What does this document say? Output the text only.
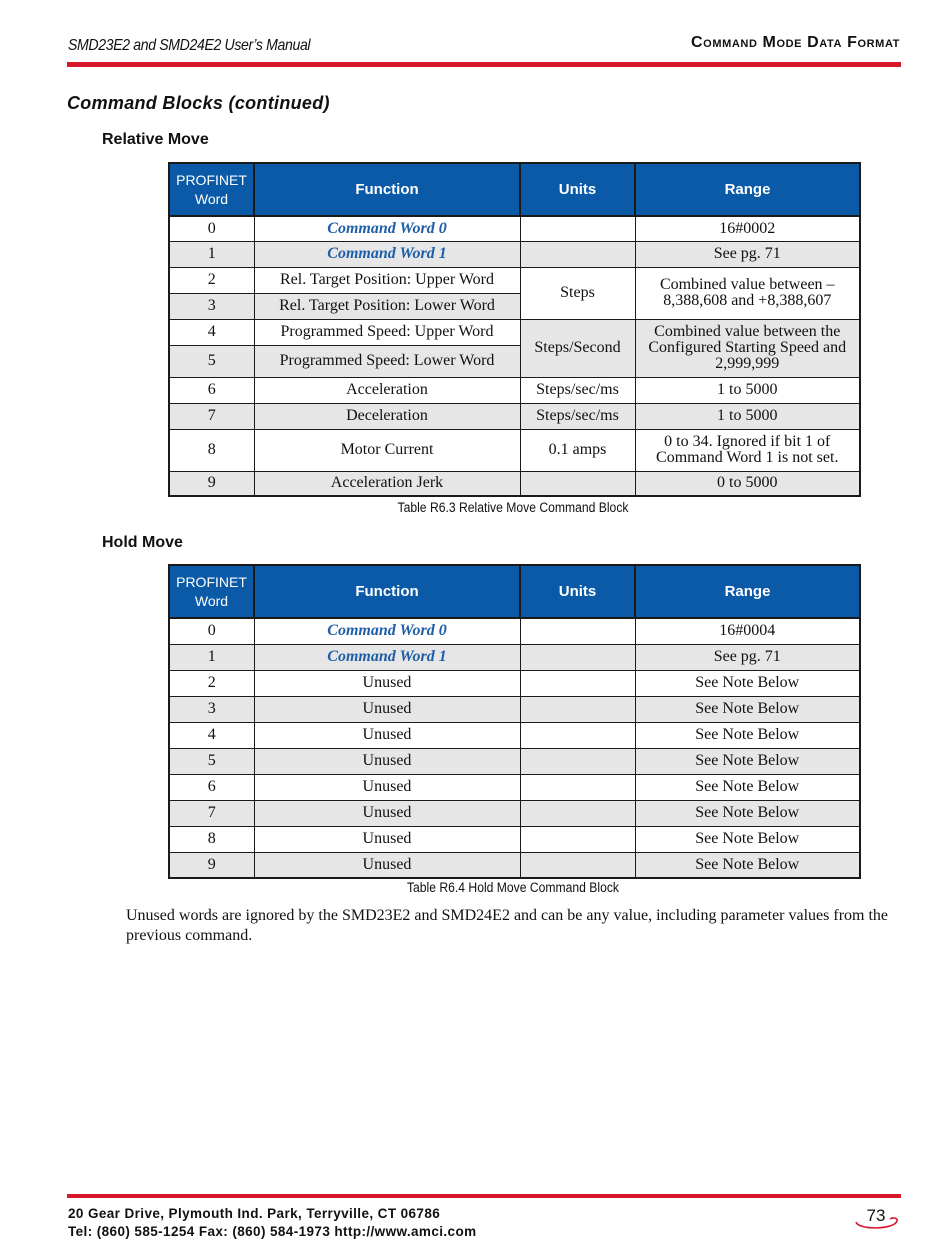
SMD23E2 and SMD24E2 User’s Manual	Command Mode Data Format
Command Blocks (continued)
Relative Move
PROFINET Word	Function	Units	Range
0	Command Word 0		16#0002
1	Command Word 1		See pg. 71
2	Rel. Target Position: Upper Word	Steps	Combined value between –8,388,608 and +8,388,607
3	Rel. Target Position: Lower Word		
4	Programmed Speed: Upper Word	Steps/Second	Combined value between the Configured Starting Speed and 2,999,999
5	Programmed Speed: Lower Word		
6	Acceleration	Steps/sec/ms	1 to 5000
7	Deceleration	Steps/sec/ms	1 to 5000
8	Motor Current	0.1 amps	0 to 34. Ignored if bit 1 of Command Word 1 is not set.
9	Acceleration Jerk		0 to 5000
Table R6.3 Relative Move Command Block
Hold Move
PROFINET Word	Function	Units	Range
0	Command Word 0		16#0004
1	Command Word 1		See pg. 71
2	Unused		See Note Below
3	Unused		See Note Below
4	Unused		See Note Below
5	Unused		See Note Below
6	Unused		See Note Below
7	Unused		See Note Below
8	Unused		See Note Below
9	Unused		See Note Below
Table R6.4 Hold Move Command Block

Unused words are ignored by the SMD23E2 and SMD24E2 and can be any value, including parameter values from the previous command.

20 Gear Drive, Plymouth Ind. Park, Terryville, CT 06786
Tel: (860) 585-1254 Fax: (860) 584-1973 http://www.amci.com
73
